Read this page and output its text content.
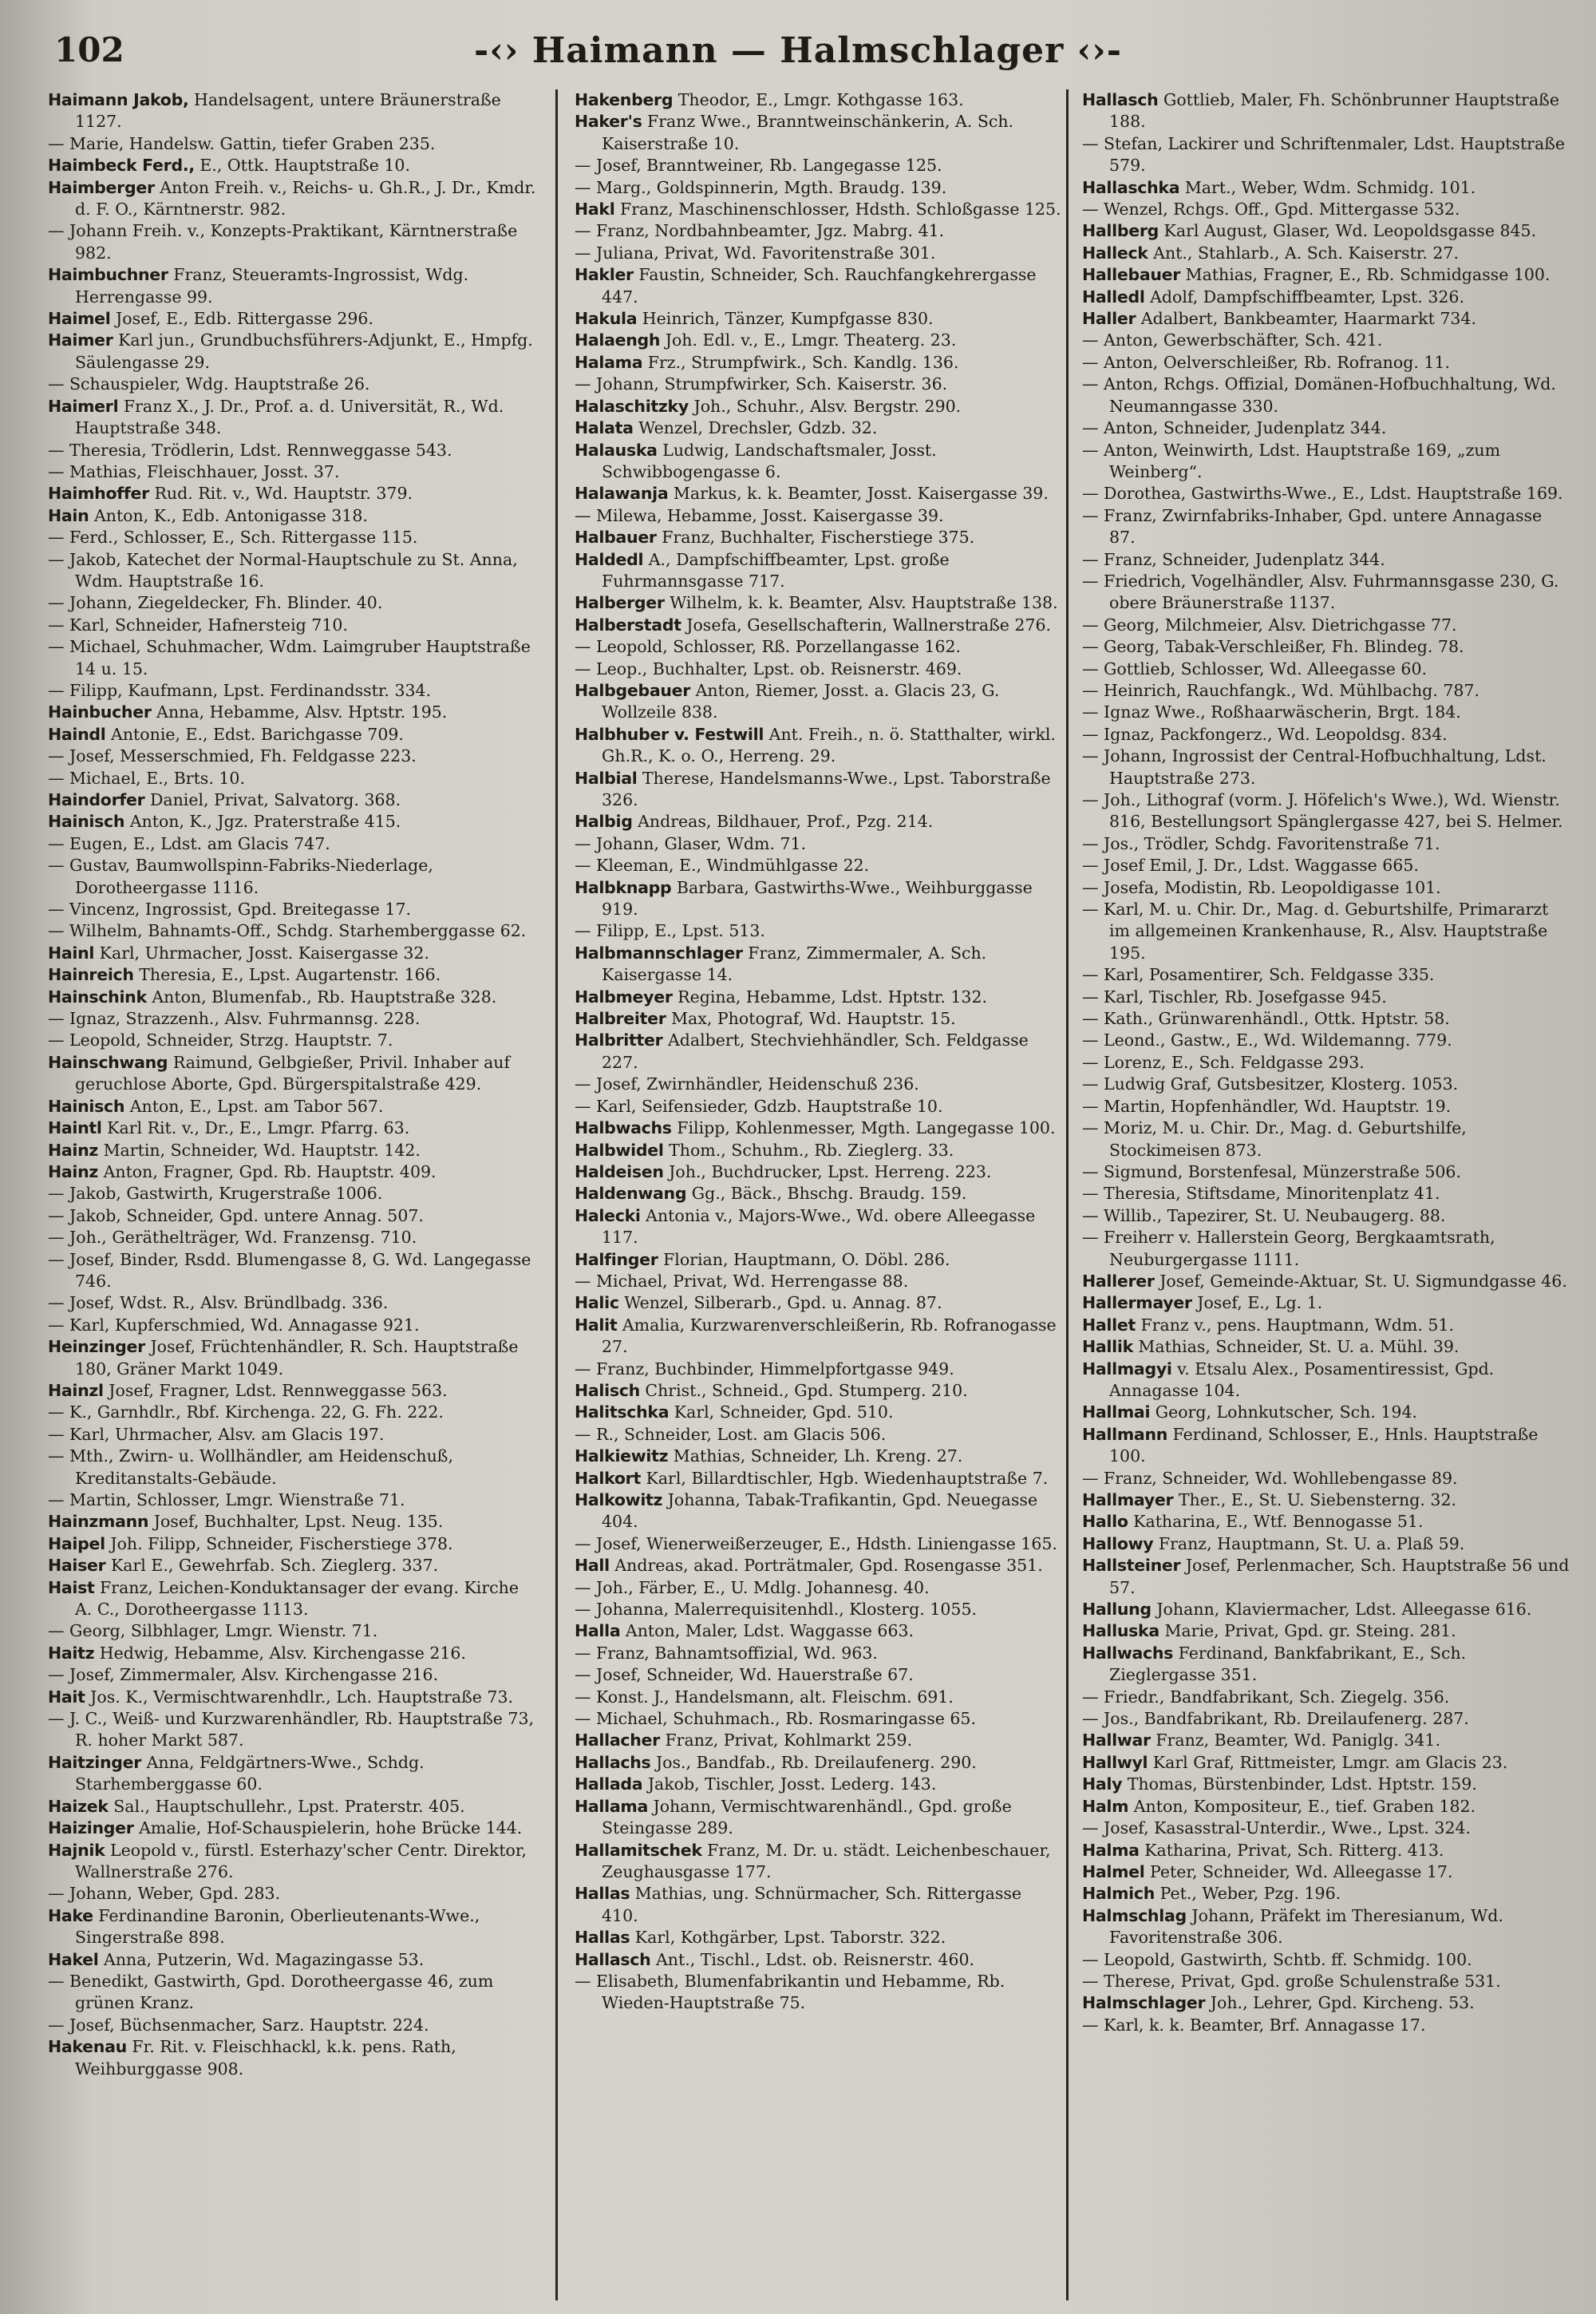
102	-‹› Haimann — Halmschlager ‹›-

Haimann Jakob, Handelsagent, untere Bräunerstraße 1127.

— Marie, Handelsw. Gattin, tiefer Graben 235.

Haimbeck Ferd., E., Ottk. Hauptstraße 10.

Haimberger Anton Freih. v., Reichs- u. Gh.R., J. Dr., Kmdr. d. F. O., Kärntnerstr. 982.

— Johann Freih. v., Konzepts-Praktikant, Kärntnerstraße 982.

Haimbuchner Franz, Steueramts-Ingrossist, Wdg. Herrengasse 99.

Haimel Josef, E., Edb. Rittergasse 296.

Haimer Karl jun., Grundbuchsführers-Adjunkt, E., Hmpfg. Säulengasse 29.

— Schauspieler, Wdg. Hauptstraße 26.

Haimerl Franz X., J. Dr., Prof. a. d. Universität, R., Wd. Hauptstraße 348.

— Theresia, Trödlerin, Ldst. Rennweggasse 543.

— Mathias, Fleischhauer, Josst. 37.

Haimhoffer Rud. Rit. v., Wd. Hauptstr. 379.

Hain Anton, K., Edb. Antonigasse 318.

— Ferd., Schlosser, E., Sch. Rittergasse 115.

— Jakob, Katechet der Normal-Hauptschule zu St. Anna, Wdm. Hauptstraße 16.

— Johann, Ziegeldecker, Fh. Blinder. 40.

— Karl, Schneider, Hafnersteig 710.

— Michael, Schuhmacher, Wdm. Laimgruber Hauptstraße 14 u. 15.

— Filipp, Kaufmann, Lpst. Ferdinandsstr. 334.

Hainbucher Anna, Hebamme, Alsv. Hptstr. 195.

Haindl Antonie, E., Edst. Barichgasse 709.

— Josef, Messerschmied, Fh. Feldgasse 223.

— Michael, E., Brts. 10.

Haindorfer Daniel, Privat, Salvatorg. 368.

Hainisch Anton, K., Jgz. Praterstraße 415.

— Eugen, E., Ldst. am Glacis 747.

— Gustav, Baumwollspinn-Fabriks-Niederlage, Dorotheergasse 1116.

— Vincenz, Ingrossist, Gpd. Breitegasse 17.

— Wilhelm, Bahnamts-Off., Schdg. Starhemberggasse 62.

Hainl Karl, Uhrmacher, Josst. Kaisergasse 32.

Hainreich Theresia, E., Lpst. Augartenstr. 166.

Hainschink Anton, Blumenfab., Rb. Hauptstraße 328.

— Ignaz, Strazzenh., Alsv. Fuhrmannsg. 228.

— Leopold, Schneider, Strzg. Hauptstr. 7.

Hainschwang Raimund, Gelbgießer, Privil. Inhaber auf geruchlose Aborte, Gpd. Bürgerspitalstraße 429.

Hainisch Anton, E., Lpst. am Tabor 567.

Haintl Karl Rit. v., Dr., E., Lmgr. Pfarrg. 63.

Hainz Martin, Schneider, Wd. Hauptstr. 142.

Hainz Anton, Fragner, Gpd. Rb. Hauptstr. 409.

— Jakob, Gastwirth, Krugerstraße 1006.

— Jakob, Schneider, Gpd. untere Annag. 507.

— Joh., Geräthelträger, Wd. Franzensg. 710.

— Josef, Binder, Rsdd. Blumengasse 8, G. Wd. Langegasse 746.

— Josef, Wdst. R., Alsv. Bründlbadg. 336.

— Karl, Kupferschmied, Wd. Annagasse 921.

Heinzinger Josef, Früchtenhändler, R. Sch. Hauptstraße 180, Gräner Markt 1049.

Hainzl Josef, Fragner, Ldst. Rennweggasse 563.

— K., Garnhdlr., Rbf. Kirchenga. 22, G. Fh. 222.

— Karl, Uhrmacher, Alsv. am Glacis 197.

— Mth., Zwirn- u. Wollhändler, am Heidenschuß, Kreditanstalts-Gebäude.

— Martin, Schlosser, Lmgr. Wienstraße 71.

Hainzmann Josef, Buchhalter, Lpst. Neug. 135.

Haipel Joh. Filipp, Schneider, Fischerstiege 378.

Haiser Karl E., Gewehrfab. Sch. Zieglerg. 337.

Haist Franz, Leichen-Konduktansager der evang. Kirche A. C., Dorotheergasse 1113.

— Georg, Silbhlager, Lmgr. Wienstr. 71.

Haitz Hedwig, Hebamme, Alsv. Kirchengasse 216.

— Josef, Zimmermaler, Alsv. Kirchengasse 216.

Hait Jos. K., Vermischtwarenhdlr., Lch. Hauptstraße 73.

— J. C., Weiß- und Kurzwarenhändler, Rb. Hauptstraße 73, R. hoher Markt 587.

Haitzinger Anna, Feldgärtners-Wwe., Schdg. Starhemberggasse 60.

Haizek Sal., Hauptschullehr., Lpst. Praterstr. 405.

Haizinger Amalie, Hof-Schauspielerin, hohe Brücke 144.

Hajnik Leopold v., fürstl. Esterhazy'scher Centr. Direktor, Wallnerstraße 276.

— Johann, Weber, Gpd. 283.

Hake Ferdinandine Baronin, Oberlieutenants-Wwe., Singerstraße 898.

Hakel Anna, Putzerin, Wd. Magazingasse 53.

— Benedikt, Gastwirth, Gpd. Dorotheergasse 46, zum grünen Kranz.

— Josef, Büchsenmacher, Sarz. Hauptstr. 224.

Hakenau Fr. Rit. v. Fleischhackl, k.k. pens. Rath, Weihburggasse 908.

Hakenberg Theodor, E., Lmgr. Kothgasse 163.

Haker's Franz Wwe., Branntweinschänkerin, A. Sch. Kaiserstraße 10.

— Josef, Branntweiner, Rb. Langegasse 125.

— Marg., Goldspinnerin, Mgth. Braudg. 139.

Hakl Franz, Maschinenschlosser, Hdsth. Schloßgasse 125.

— Franz, Nordbahnbeamter, Jgz. Mabrg. 41.

— Juliana, Privat, Wd. Favoritenstraße 301.

Hakler Faustin, Schneider, Sch. Rauchfangkehrergasse 447.

Hakula Heinrich, Tänzer, Kumpfgasse 830.

Halaengh Joh. Edl. v., E., Lmgr. Theaterg. 23.

Halama Frz., Strumpfwirk., Sch. Kandlg. 136.

— Johann, Strumpfwirker, Sch. Kaiserstr. 36.

Halaschitzky Joh., Schuhr., Alsv. Bergstr. 290.

Halata Wenzel, Drechsler, Gdzb. 32.

Halauska Ludwig, Landschaftsmaler, Josst. Schwibbogengasse 6.

Halawanja Markus, k. k. Beamter, Josst. Kaisergasse 39.

— Milewa, Hebamme, Josst. Kaisergasse 39.

Halbauer Franz, Buchhalter, Fischerstiege 375.

Haldedl A., Dampfschiffbeamter, Lpst. große Fuhrmannsgasse 717.

Halberger Wilhelm, k. k. Beamter, Alsv. Hauptstraße 138.

Halberstadt Josefa, Gesellschafterin, Wallnerstraße 276.

— Leopold, Schlosser, Rß. Porzellangasse 162.

— Leop., Buchhalter, Lpst. ob. Reisnerstr. 469.

Halbgebauer Anton, Riemer, Josst. a. Glacis 23, G. Wollzeile 838.

Halbhuber v. Festwill Ant. Freih., n. ö. Statthalter, wirkl. Gh.R., K. o. O., Herreng. 29.

Halbial Therese, Handelsmanns-Wwe., Lpst. Taborstraße 326.

Halbig Andreas, Bildhauer, Prof., Pzg. 214.

— Johann, Glaser, Wdm. 71.

— Kleeman, E., Windmühlgasse 22.

Halbknapp Barbara, Gastwirths-Wwe., Weihburggasse 919.

— Filipp, E., Lpst. 513.

Halbmannschlager Franz, Zimmermaler, A. Sch. Kaisergasse 14.

Halbmeyer Regina, Hebamme, Ldst. Hptstr. 132.

Halbreiter Max, Photograf, Wd. Hauptstr. 15.

Halbritter Adalbert, Stechviehhändler, Sch. Feldgasse 227.

— Josef, Zwirnhändler, Heidenschuß 236.

— Karl, Seifensieder, Gdzb. Hauptstraße 10.

Halbwachs Filipp, Kohlenmesser, Mgth. Langegasse 100.

Halbwidel Thom., Schuhm., Rb. Zieglerg. 33.

Haldeisen Joh., Buchdrucker, Lpst. Herreng. 223.

Haldenwang Gg., Bäck., Bhschg. Braudg. 159.

Halecki Antonia v., Majors-Wwe., Wd. obere Alleegasse 117.

Halfinger Florian, Hauptmann, O. Döbl. 286.

— Michael, Privat, Wd. Herrengasse 88.

Halic Wenzel, Silberarb., Gpd. u. Annag. 87.

Halit Amalia, Kurzwarenverschleißerin, Rb. Rofranogasse 27.

— Franz, Buchbinder, Himmelpfortgasse 949.

Halisch Christ., Schneid., Gpd. Stumperg. 210.

Halitschka Karl, Schneider, Gpd. 510.

— R., Schneider, Lost. am Glacis 506.

Halkiewitz Mathias, Schneider, Lh. Kreng. 27.

Halkort Karl, Billardtischler, Hgb. Wiedenhauptstraße 7.

Halkowitz Johanna, Tabak-Trafikantin, Gpd. Neuegasse 404.

— Josef, Wienerweißerzeuger, E., Hdsth. Liniengasse 165.

Hall Andreas, akad. Porträtmaler, Gpd. Rosengasse 351.

— Joh., Färber, E., U. Mdlg. Johannesg. 40.

— Johanna, Malerrequisitenhdl., Klosterg. 1055.

Halla Anton, Maler, Ldst. Waggasse 663.

— Franz, Bahnamtsoffizial, Wd. 963.

— Josef, Schneider, Wd. Hauerstraße 67.

— Konst. J., Handelsmann, alt. Fleischm. 691.

— Michael, Schuhmach., Rb. Rosmaringasse 65.

Hallacher Franz, Privat, Kohlmarkt 259.

Hallachs Jos., Bandfab., Rb. Dreilaufenerg. 290.

Hallada Jakob, Tischler, Josst. Lederg. 143.

Hallama Johann, Vermischtwarenhändl., Gpd. große Steingasse 289.

Hallamitschek Franz, M. Dr. u. städt. Leichenbeschauer, Zeughausgasse 177.

Hallas Mathias, ung. Schnürmacher, Sch. Rittergasse 410.

Hallas Karl, Kothgärber, Lpst. Taborstr. 322.

Hallasch Ant., Tischl., Ldst. ob. Reisnerstr. 460.

— Elisabeth, Blumenfabrikantin und Hebamme, Rb. Wieden-Hauptstraße 75.

Hallasch Gottlieb, Maler, Fh. Schönbrunner Hauptstraße 188.

— Stefan, Lackirer und Schriftenmaler, Ldst. Hauptstraße 579.

Hallaschka Mart., Weber, Wdm. Schmidg. 101.

— Wenzel, Rchgs. Off., Gpd. Mittergasse 532.

Hallberg Karl August, Glaser, Wd. Leopoldsgasse 845.

Halleck Ant., Stahlarb., A. Sch. Kaiserstr. 27.

Hallebauer Mathias, Fragner, E., Rb. Schmidgasse 100.

Halledl Adolf, Dampfschiffbeamter, Lpst. 326.

Haller Adalbert, Bankbeamter, Haarmarkt 734.

— Anton, Gewerbschäfter, Sch. 421.

— Anton, Oelverschleißer, Rb. Rofranog. 11.

— Anton, Rchgs. Offizial, Domänen-Hofbuchhaltung, Wd. Neumanngasse 330.

— Anton, Schneider, Judenplatz 344.

— Anton, Weinwirth, Ldst. Hauptstraße 169, „zum Weinberg“.

— Dorothea, Gastwirths-Wwe., E., Ldst. Hauptstraße 169.

— Franz, Zwirnfabriks-Inhaber, Gpd. untere Annagasse 87.

— Franz, Schneider, Judenplatz 344.

— Friedrich, Vogelhändler, Alsv. Fuhrmannsgasse 230, G. obere Bräunerstraße 1137.

— Georg, Milchmeier, Alsv. Dietrichgasse 77.

— Georg, Tabak-Verschleißer, Fh. Blindeg. 78.

— Gottlieb, Schlosser, Wd. Alleegasse 60.

— Heinrich, Rauchfangk., Wd. Mühlbachg. 787.

— Ignaz Wwe., Roßhaarwäscherin, Brgt. 184.

— Ignaz, Packfongerz., Wd. Leopoldsg. 834.

— Johann, Ingrossist der Central-Hofbuchhaltung, Ldst. Hauptstraße 273.

— Joh., Lithograf (vorm. J. Höfelich's Wwe.), Wd. Wienstr. 816, Bestellungsort Spänglergasse 427, bei S. Helmer.

— Jos., Trödler, Schdg. Favoritenstraße 71.

— Josef Emil, J. Dr., Ldst. Waggasse 665.

— Josefa, Modistin, Rb. Leopoldigasse 101.

— Karl, M. u. Chir. Dr., Mag. d. Geburtshilfe, Primararzt im allgemeinen Krankenhause, R., Alsv. Hauptstraße 195.

— Karl, Posamentirer, Sch. Feldgasse 335.

— Karl, Tischler, Rb. Josefgasse 945.

— Kath., Grünwarenhändl., Ottk. Hptstr. 58.

— Leond., Gastw., E., Wd. Wildemanng. 779.

— Lorenz, E., Sch. Feldgasse 293.

— Ludwig Graf, Gutsbesitzer, Klosterg. 1053.

— Martin, Hopfenhändler, Wd. Hauptstr. 19.

— Moriz, M. u. Chir. Dr., Mag. d. Geburtshilfe, Stockimeisen 873.

— Sigmund, Borstenfesal, Münzerstraße 506.

— Theresia, Stiftsdame, Minoritenplatz 41.

— Willib., Tapezirer, St. U. Neubaugerg. 88.

— Freiherr v. Hallerstein Georg, Bergkaamtsrath, Neuburgergasse 1111.

Hallerer Josef, Gemeinde-Aktuar, St. U. Sigmundgasse 46.

Hallermayer Josef, E., Lg. 1.

Hallet Franz v., pens. Hauptmann, Wdm. 51.

Hallik Mathias, Schneider, St. U. a. Mühl. 39.

Hallmagyi v. Etsalu Alex., Posamentiressist, Gpd. Annagasse 104.

Hallmai Georg, Lohnkutscher, Sch. 194.

Hallmann Ferdinand, Schlosser, E., Hnls. Hauptstraße 100.

— Franz, Schneider, Wd. Wohllebengasse 89.

Hallmayer Ther., E., St. U. Siebensterng. 32.

Hallo Katharina, E., Wtf. Bennogasse 51.

Hallowy Franz, Hauptmann, St. U. a. Plaß 59.

Hallsteiner Josef, Perlenmacher, Sch. Hauptstraße 56 und 57.

Hallung Johann, Klaviermacher, Ldst. Alleegasse 616.

Halluska Marie, Privat, Gpd. gr. Steing. 281.

Hallwachs Ferdinand, Bankfabrikant, E., Sch. Zieglergasse 351.

— Friedr., Bandfabrikant, Sch. Ziegelg. 356.

— Jos., Bandfabrikant, Rb. Dreilaufenerg. 287.

Hallwar Franz, Beamter, Wd. Paniglg. 341.

Hallwyl Karl Graf, Rittmeister, Lmgr. am Glacis 23.

Haly Thomas, Bürstenbinder, Ldst. Hptstr. 159.

Halm Anton, Kompositeur, E., tief. Graben 182.

— Josef, Kasasstral-Unterdir., Wwe., Lpst. 324.

Halma Katharina, Privat, Sch. Ritterg. 413.

Halmel Peter, Schneider, Wd. Alleegasse 17.

Halmich Pet., Weber, Pzg. 196.

Halmschlag Johann, Präfekt im Theresianum, Wd. Favoritenstraße 306.

— Leopold, Gastwirth, Schtb. ff. Schmidg. 100.

— Therese, Privat, Gpd. große Schulenstraße 531.

Halmschlager Joh., Lehrer, Gpd. Kircheng. 53.

— Karl, k. k. Beamter, Brf. Annagasse 17.
